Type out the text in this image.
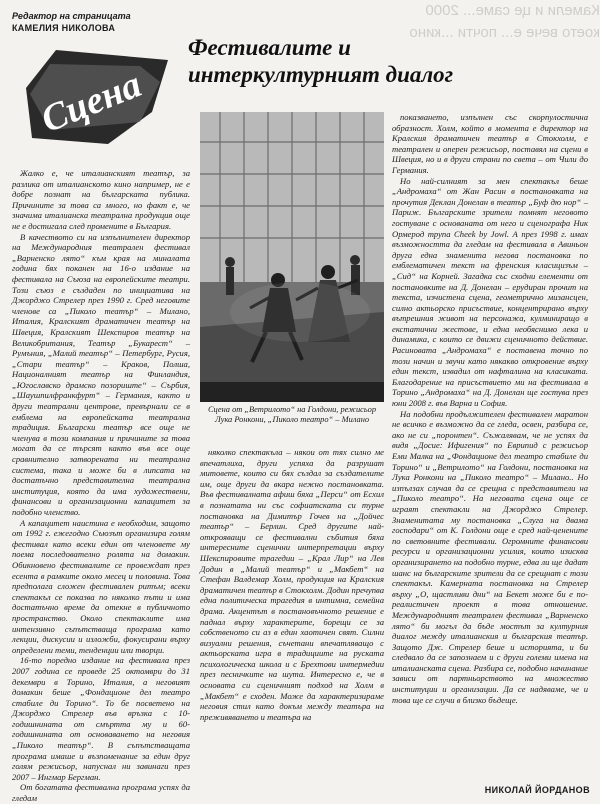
Камели и це саме... 2000
което вече е... почти ...кино
Редактор на страницата
КАМЕЛИЯ НИКОЛОВА
Сцена
Фестивалите и
интеркултурният диалог

Жалко е, че италианският театър, за разлика от италианското кино например, не е добре познат на българската публика. Причините за това са много, но факт е, че значима италианска театрална продукция още не е достигала след промените в България.

В качеството си на изпълнителен директор на Международния театрален фестивал „Варненско лято“ към края на миналата година бях поканен на 16-о издание на фестивала на Съюза на европейските театри. Този съюз е създаден по инициатива на Джорджо Стрелер през 1990 г. Сред неговите членове са „Пиколо театър“ – Милано, Италия, Кралският драматичен театър на Швеция, Кралският Шекспиров театър на Великобритания, Театър „Букарест“ – Румъния, „Малий театър“ – Петербург, Русия, „Стари театър“ – Краков, Полша, Националният театър на Финландия, „Югославско драмско позориште“ – Сърбия, „Шаушпилфранкфурт“ – Германия, както и други театрални центрове, превърнали се в емблема на европейската театрална традиция. Български театър все още не членува в този компания и причините за това могат да се търсят както във все още сравнително затворената ни театрална система, така и може би в липсата на достатъчно представителна театрална институция, която да има художествени, финансови и организационни капацитет за подобно членство.

А капацитет наистина е необходим, защото от 1992 г. ежегодно Съюзът организира голям фестивал като всеки един от членовете му поема последователно ролята на домакин. Обикновено фестивалите се провеждат през есента в рамките около месец и половина. Това предполага сложен фестивален ритъм; всеки спектакъл се показва по няколко пъти и има достатъчно време да отекне в публичното пространство. Около спектаклите има интензивно съпътстваща програма като лекции, дискусии и изложби, фокусирани върху определени теми, тенденции или творци.

16-то поредно издание на фестивала през 2007 година се проведе 25 октомври до 31 декември в Торино, Италия, а неговият домакин беше „Фондационе дел театро стабиле ди Торино“. То бе посветено на Джорджо Стрелер във връзка с 10-годишнината от смъртта му и 60-годишнината от основаването на неговия „Пиколо театър“. В съпътстващата програма имаше и възпоменание за един друг голям режисьор, напуснал ни завинаги през 2007 – Ингмар Бергман.

От богатата фестивална програма успях да гледам

Сцена от „Ветрилото“ на Голдони, режисьор Лука Ронкони, „Пиколо театро“ – Милано

няколко спектакъла – някои от тях силно ме впечатлиха, други успяха да разрушат митовете, които си бях създал за създателите им, още други да вкара нежно постановката. Във фестивалната афиш бяха „Перси“ от Есхил в познатата ни със софиатската си турне постановка на Димитър Гочев на „Дойчес театър“ – Берлин. Сред другите най-открояващи се фестивални събития бяха интересните сценични интерпретации върху Шекспировите трагедии – „Крал Лир“ на Лев Додин в „Малий театър“ и „Макбет“ на Стефан Валдемар Холм, продукция на Кралския драматичен театър в Стокхолм. Додин пречупва една политическа трагедия в интимна, семейна драма. Акцентът в постановъчното решение е паднал върху характерите, борещи се за собственото си аз в един хаотичен свят. Силни визуални решения, съчетани впечатляващо с актьорската игра в традициите на руската психологическа школа и с Брехтови интермедии през песничките на шута. Интересно е, че в основата си сценичният подход на Холм в „Макбет“ е сходен. Може да характеризираме неговия стил като докъм между театъра на преживяването и театъра на

показването, изпълнен със скорпулостична образност. Холм, който в момента е директор на Кралския драматичен театър в Стокхолм, е театрален и оперен режисьор, поставял на сцени в Швеция, но и в други страни по света – от Чили до Германия.

Но най-силният за мен спектакъл беше „Андромаха“ от Жан Расин в постановката на прочутия Деклан Донелан в театър „Буф дю нор“ – Париж. Българските зрители помнят неговото гостуване с основаната от него и сценографа Ник Ормерод трупа Cheek by Jowl. А през 1998 г. имах възможността да гледам на фестивала в Авиньон друга една знаменита негова постановка по емблематичен текст на френския класицизъм – „Сид“ на Корней. Загадка със сходни елементи от постановките на Д. Донелан – ерудиран прочит на текста, изчистена сцена, геометрично мизансцен, силно актьорско присъствие, концентрирано върху вътрешния живот на персонажа, кулминиращо в екстатични жестове, и една необяснимо лека и динамика, с които се движи сценичното действие. Расиновата „Андромаха“ е поставена точно по този начин и звучи като някакво откровение върху един текст, извадил от нафталина на класиката. Благодарение на присъствието ми на фестивала в Торино „Андромаха“ на Д. Донелан ще гостува през юни 2008 г. във Варна и София.

На подобни продължителен фестивален маратон не всичко е възможно да се гледа, освен, разбира се, ако не си „поронтен“. Съжалявам, че не успях да видя „Досие: Ифигения“ по Еврипид с режисьор Еми Малка на „Фондационе дел театро стабиле ди Торино“ и „Ветрилото“ на Голдони, постановка на Лука Ронкони на „Пиколо театро“ – Милано.. Но изпълзах случая да се срещна с представители на „Пиколо театро“. На неговата сцена още се играят спектакли на Джорджо Стрелер. Знаменитата му постановка „Слуга на двама господари“ от К. Голдони още е сред най-ценените по световните фестивали. Огромните финансови ресурси и организационни усилия, които изисква организирането на подобно турне, едва ли ще дадат шанс на българските зрители да се срещнат с този спектакъл. Камерната постановка на Стрелер върху „О, щастливи дни“ на Бекет може би е по-реалистичен проект в това отношение. Международният театрален фестивал „Варненско лято“ би могъл да бъде мостът за културния диалог между италианския и българския театър. Защото Дж. Стрелер беше и историята, и би следвало да се запознаем и с други големи имена на италианската сцена. Разбира се, подобно начинание зависи от партньорството на множество институции и организации. Да се надяваме, че и това ще се случи в близко бъдеще.

НИКОЛАЙ ЙОРДАНОВ
